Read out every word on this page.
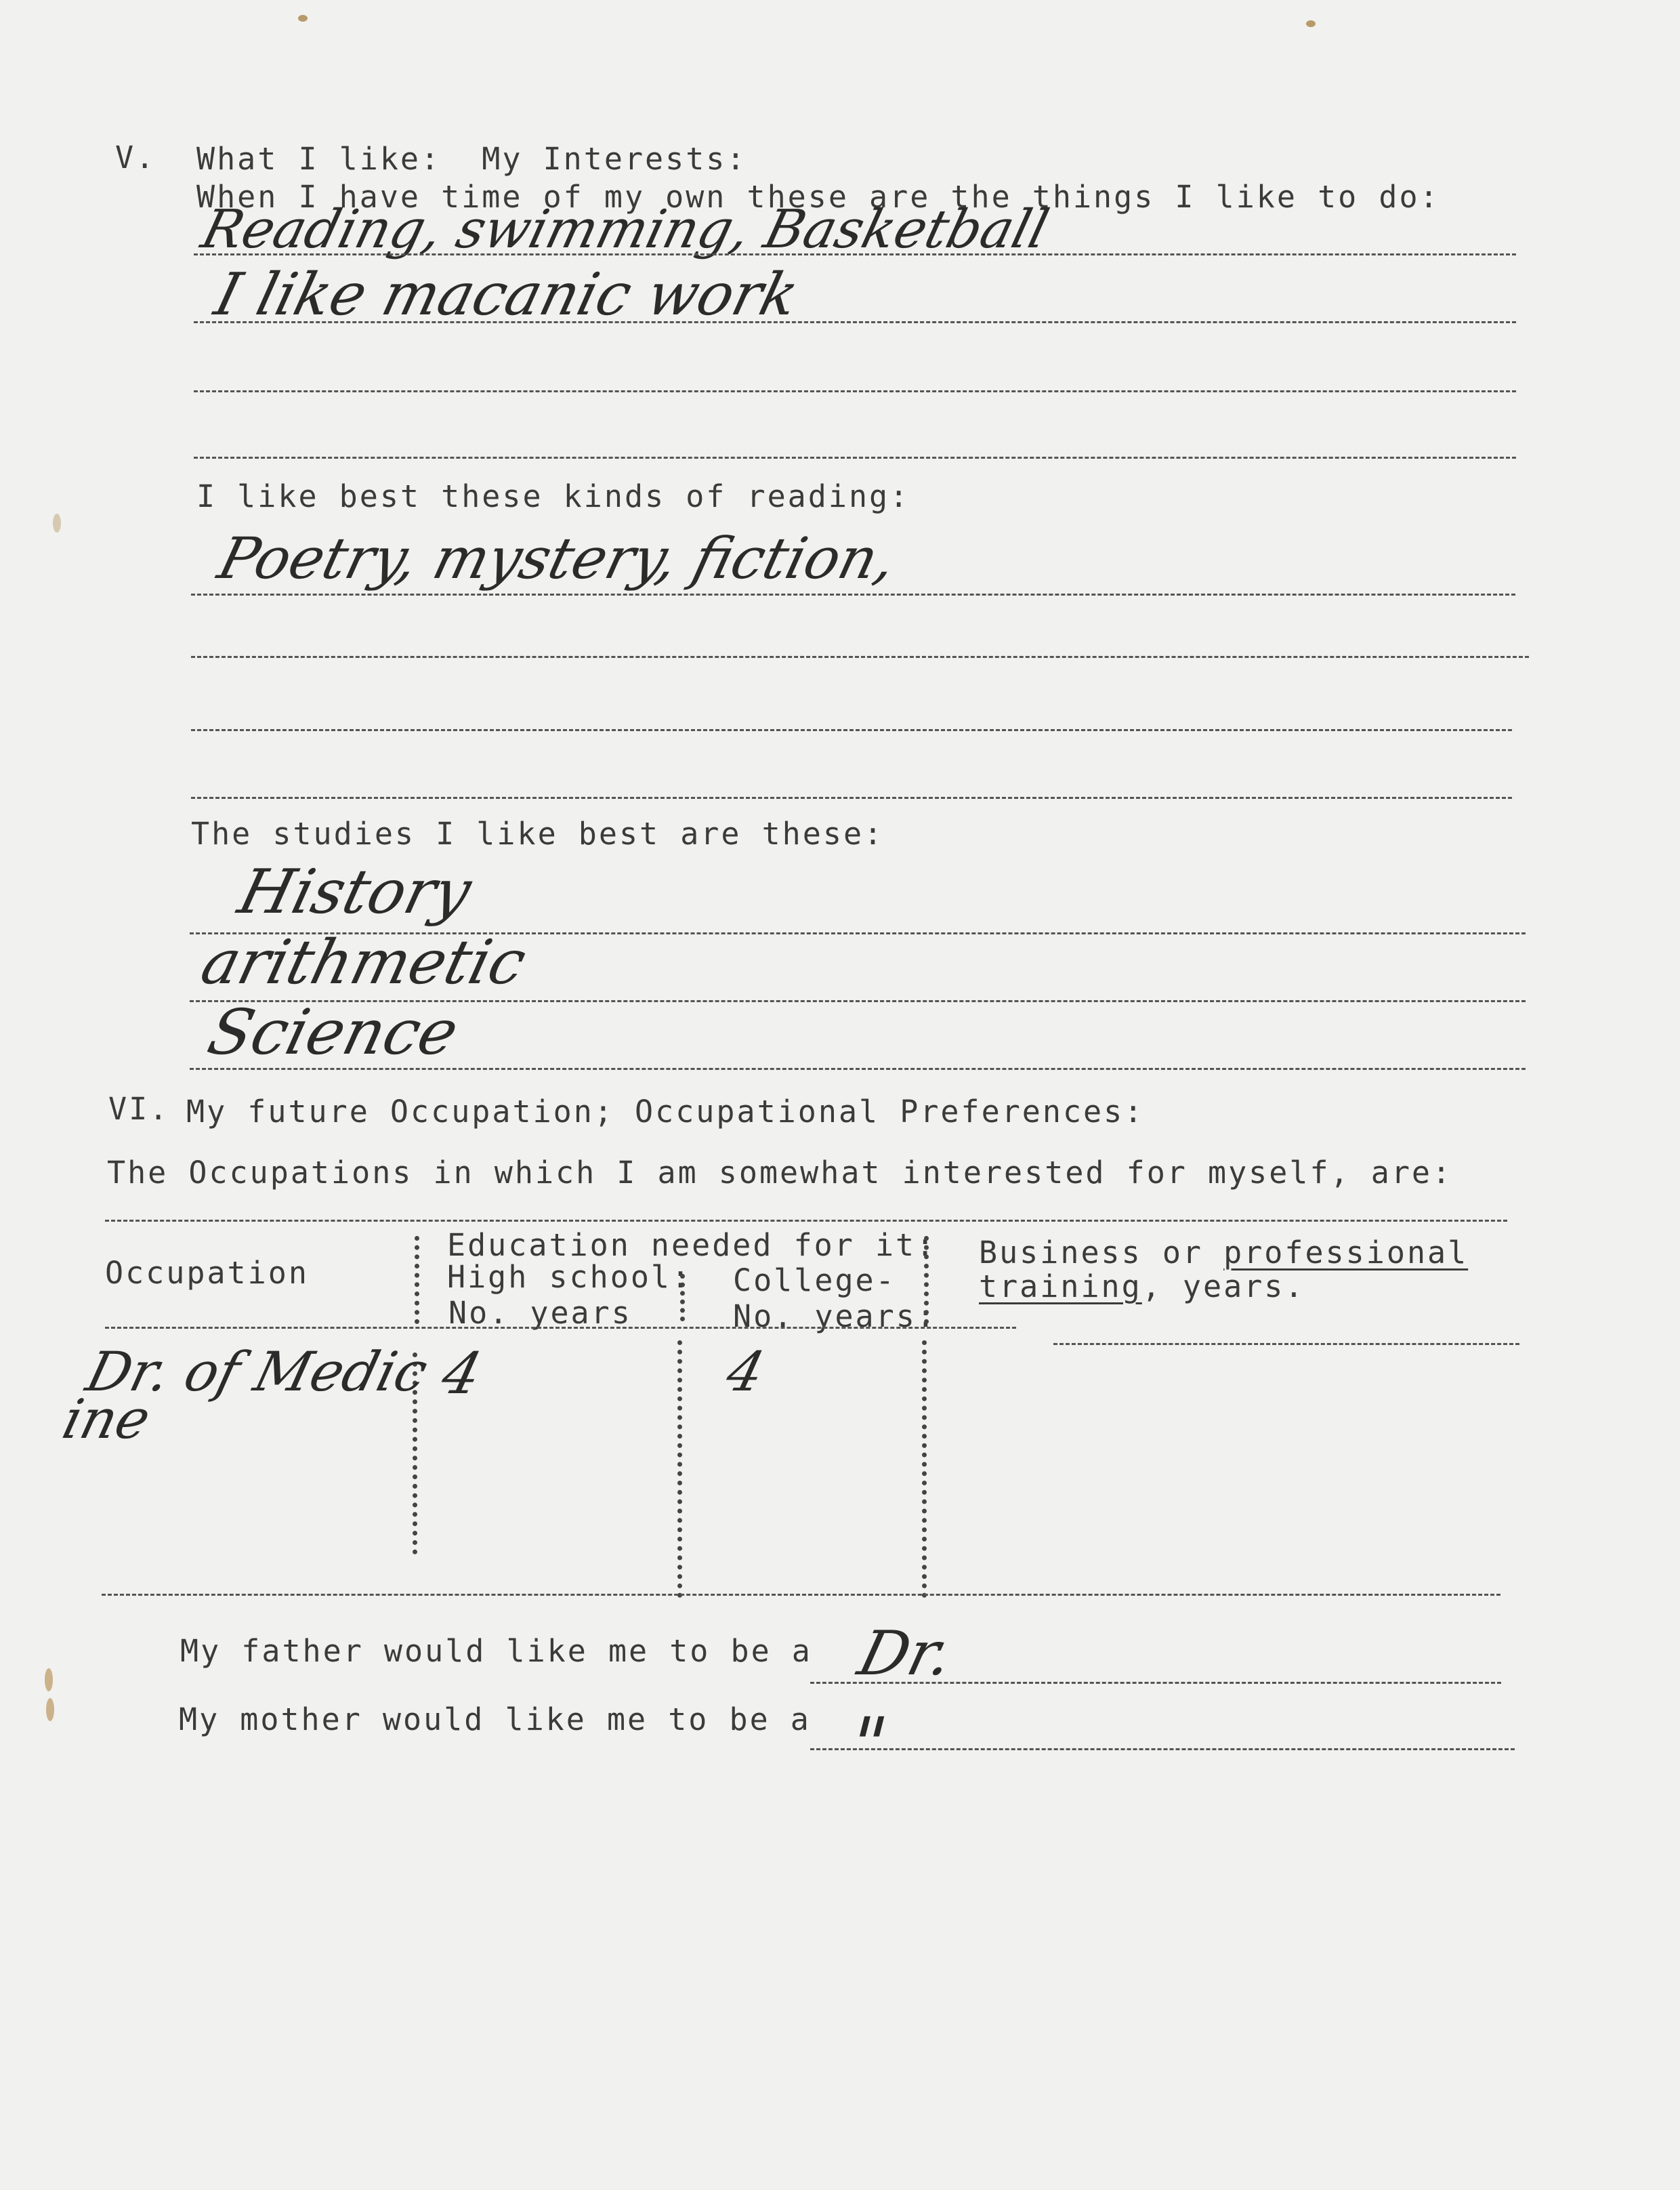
V. What I like:  My Interests:
When I have time of my own these are the things I like to do:
Reading, swimming, Basketball
I like macanic work
I like best these kinds of reading:
Poetry, mystery, fiction,
The studies I like best are these:
History
arithmetic
Science
VI. My future Occupation; Occupational Preferences:
The Occupations in which I am somewhat interested for myself, are:
Occupation
Education needed for it:
High school:
No. years
College-
No. years:
Business or professional
training, years.
Dr. of Medic
ine
4	4
My father would like me to be a Dr.
My mother would like me to be a "
